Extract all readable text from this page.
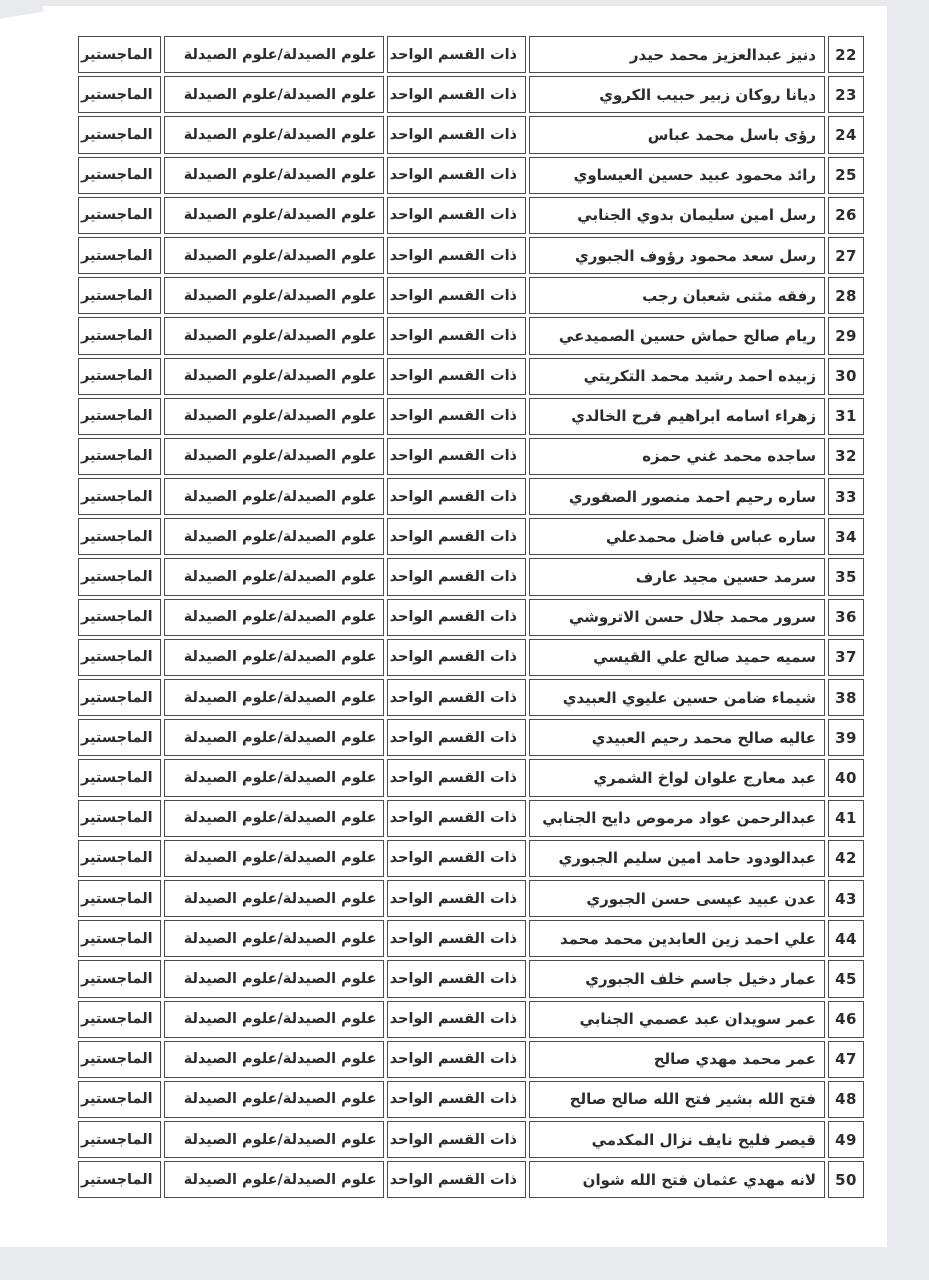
22	دنيز عبدالعزيز محمد حيدر	ذات القسم الواحد	علوم الصيدلة/علوم الصيدلة	الماجستير
23	ديانا روكان زبير حبيب الكروي	ذات القسم الواحد	علوم الصيدلة/علوم الصيدلة	الماجستير
24	رؤى باسل محمد عباس	ذات القسم الواحد	علوم الصيدلة/علوم الصيدلة	الماجستير
25	رائد محمود عبيد حسين العيساوي	ذات القسم الواحد	علوم الصيدلة/علوم الصيدلة	الماجستير
26	رسل امين سليمان بدوي الجنابي	ذات القسم الواحد	علوم الصيدلة/علوم الصيدلة	الماجستير
27	رسل سعد محمود رؤوف الجبوري	ذات القسم الواحد	علوم الصيدلة/علوم الصيدلة	الماجستير
28	رفقه مثنى شعبان رجب	ذات القسم الواحد	علوم الصيدلة/علوم الصيدلة	الماجستير
29	ريام صالح حماش حسين الصميدعي	ذات القسم الواحد	علوم الصيدلة/علوم الصيدلة	الماجستير
30	زبيده احمد رشيد محمد التكريتي	ذات القسم الواحد	علوم الصيدلة/علوم الصيدلة	الماجستير
31	زهراء اسامه ابراهيم فرح الخالدي	ذات القسم الواحد	علوم الصيدلة/علوم الصيدلة	الماجستير
32	ساجده محمد غني حمزه	ذات القسم الواحد	علوم الصيدلة/علوم الصيدلة	الماجستير
33	ساره رحيم احمد منصور الصفوري	ذات القسم الواحد	علوم الصيدلة/علوم الصيدلة	الماجستير
34	ساره عباس فاضل محمدعلي	ذات القسم الواحد	علوم الصيدلة/علوم الصيدلة	الماجستير
35	سرمد حسين مجيد عارف	ذات القسم الواحد	علوم الصيدلة/علوم الصيدلة	الماجستير
36	سرور محمد جلال حسن الاتروشي	ذات القسم الواحد	علوم الصيدلة/علوم الصيدلة	الماجستير
37	سميه حميد صالح علي القيسي	ذات القسم الواحد	علوم الصيدلة/علوم الصيدلة	الماجستير
38	شيماء ضامن حسين عليوي العبيدي	ذات القسم الواحد	علوم الصيدلة/علوم الصيدلة	الماجستير
39	عاليه صالح محمد رحيم العبيدي	ذات القسم الواحد	علوم الصيدلة/علوم الصيدلة	الماجستير
40	عبد معارج علوان لواخ الشمري	ذات القسم الواحد	علوم الصيدلة/علوم الصيدلة	الماجستير
41	عبدالرحمن عواد مرموص دايح الجنابي	ذات القسم الواحد	علوم الصيدلة/علوم الصيدلة	الماجستير
42	عبدالودود حامد امين سليم الجبوري	ذات القسم الواحد	علوم الصيدلة/علوم الصيدلة	الماجستير
43	عدن عبيد عيسى حسن الجبوري	ذات القسم الواحد	علوم الصيدلة/علوم الصيدلة	الماجستير
44	علي احمد زين العابدين محمد محمد	ذات القسم الواحد	علوم الصيدلة/علوم الصيدلة	الماجستير
45	عمار دخيل جاسم خلف الجبوري	ذات القسم الواحد	علوم الصيدلة/علوم الصيدلة	الماجستير
46	عمر سويدان عبد عصمي الجنابي	ذات القسم الواحد	علوم الصيدلة/علوم الصيدلة	الماجستير
47	عمر محمد مهدي صالح	ذات القسم الواحد	علوم الصيدلة/علوم الصيدلة	الماجستير
48	فتح الله بشير فتح الله صالح صالح	ذات القسم الواحد	علوم الصيدلة/علوم الصيدلة	الماجستير
49	قيصر فليح نايف نزال المكدمي	ذات القسم الواحد	علوم الصيدلة/علوم الصيدلة	الماجستير
50	لانه مهدي عثمان فتح الله شوان	ذات القسم الواحد	علوم الصيدلة/علوم الصيدلة	الماجستير
